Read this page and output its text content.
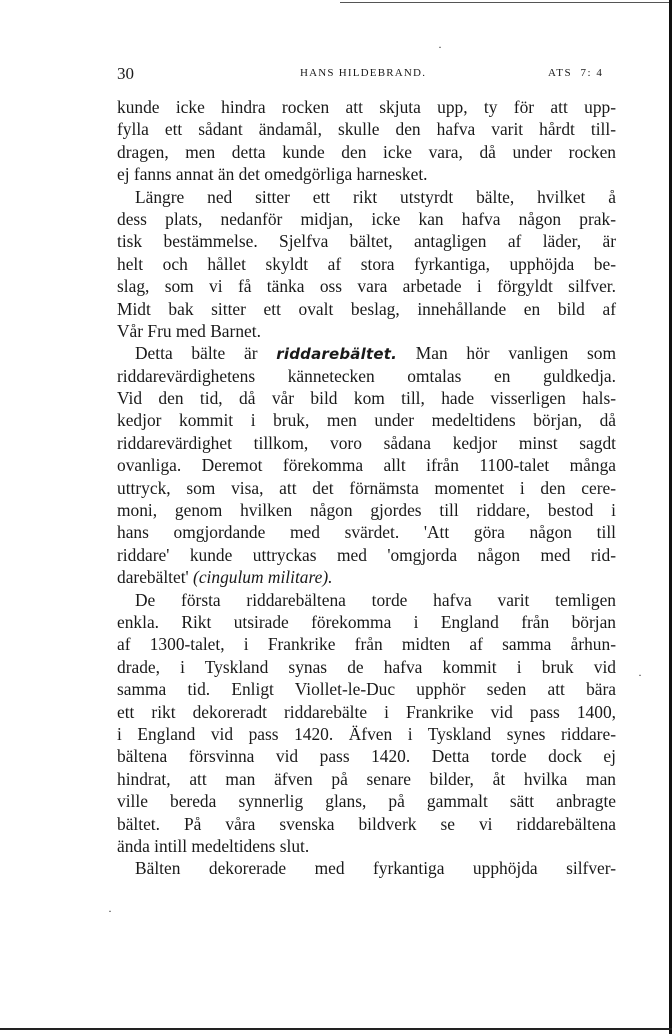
·
·
·
30	HANS HILDEBRAND.	ATS  7: 4
kunde icke hindra rocken att skjuta upp, ty för att upp-
fylla ett sådant ändamål, skulle den hafva varit hårdt till-
dragen, men detta kunde den icke vara, då under rocken
ej fanns annat än det omedgörliga harnesket.
Längre ned sitter ett rikt utstyrdt bälte, hvilket å
dess plats, nedanför midjan, icke kan hafva någon prak-
tisk bestämmelse. Sjelfva bältet, antagligen af läder, är
helt och hållet skyldt af stora fyrkantiga, upphöjda be-
slag, som vi få tänka oss vara arbetade i förgyldt silfver.
Midt bak sitter ett ovalt beslag, innehållande en bild af
Vår Fru med Barnet.
Detta bälte är riddarebältet. Man hör vanligen som
riddarevärdighetens kännetecken omtalas en guldkedja.
Vid den tid, då vår bild kom till, hade visserligen hals-
kedjor kommit i bruk, men under medeltidens början, då
riddarevärdighet tillkom, voro sådana kedjor minst sagdt
ovanliga. Deremot förekomma allt ifrån 1100-talet många
uttryck, som visa, att det förnämsta momentet i den cere-
moni, genom hvilken någon gjordes till riddare, bestod i
hans omgjordande med svärdet. 'Att göra någon till
riddare' kunde uttryckas med 'omgjorda någon med rid-
darebältet' (cingulum militare).
De första riddarebältena torde hafva varit temligen
enkla. Rikt utsirade förekomma i England från början
af 1300-talet, i Frankrike från midten af samma århun-
drade, i Tyskland synas de hafva kommit i bruk vid
samma tid. Enligt Viollet-le-Duc upphör seden att bära
ett rikt dekoreradt riddarebälte i Frankrike vid pass 1400,
i England vid pass 1420. Äfven i Tyskland synes riddare-
bältena försvinna vid pass 1420. Detta torde dock ej
hindrat, att man äfven på senare bilder, åt hvilka man
ville bereda synnerlig glans, på gammalt sätt anbragte
bältet. På våra svenska bildverk se vi riddarebältena
ända intill medeltidens slut.
Bälten dekorerade med fyrkantiga upphöjda silfver-
